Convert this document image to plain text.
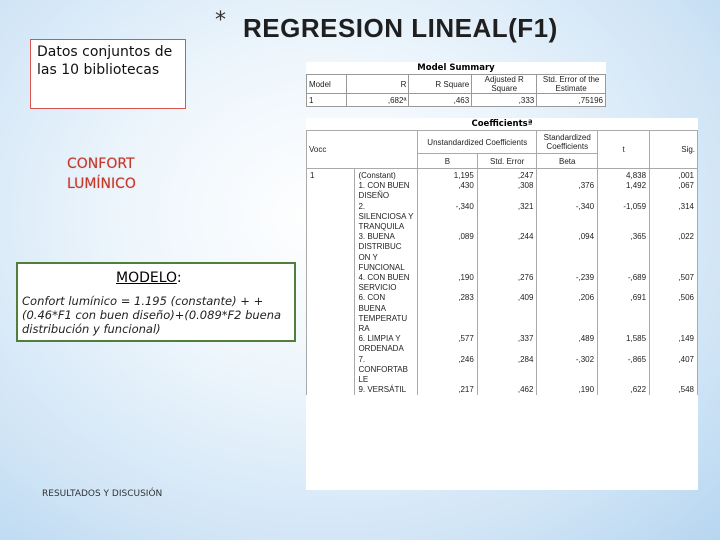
* REGRESION LINEAL(F1)
Datos conjuntos de las 10 bibliotecas
CONFORT LUMÍNICO
MODELO:
Confort lumínico = 1.195 (constante) + +(0.46*F1 con buen diseño)+(0.089*F2 buena distribución y funcional)
RESULTADOS Y DISCUSIÓN
Model Summary
Model	R	R Square	Adjusted R Square	Std. Error of the Estimate
1	,682ª	,463	,333	,75196
Coefficientsª
Vocc		Unstandardized Coefficients		Standardized Coefficients	t	Sig.
		B	Std. Error	Beta		
1	(Constant)	1,195	,247		4,838	,001
	1. CON BUEN DISEÑO	,430	,308	,376	1,492	,067
	2. SILENCIOSA Y TRANQUILA	-,340	,321	-,340	-1,059	,314
	3. BUENA DISTRIBUC ON Y FUNCIONAL	,089	,244	,094	,365	,022
	4. CON BUEN SERVICIO	,190	,276	-,239	-,689	,507
	6. CON BUENA TEMPERATU RA	,283	,409	,206	,691	,506
	6. LIMPIA Y ORDENADA	,577	,337	,489	1,585	,149
	7. CONFORTAB LE	,246	,284	-,302	-,865	,407
	9. VERSÁTIL	,217	,462	,190	,622	,548
